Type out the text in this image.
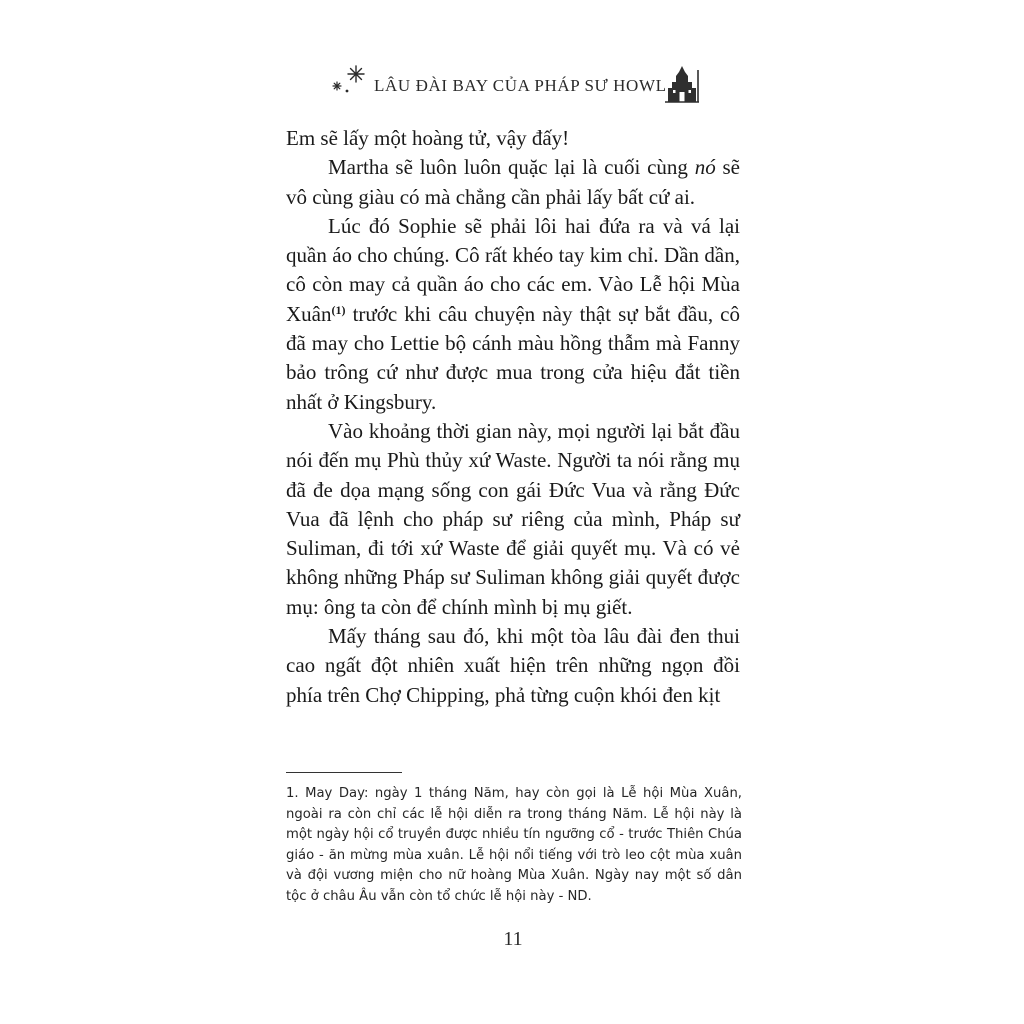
LÂU ĐÀI BAY CỦA PHÁP SƯ HOWL

Em sẽ lấy một hoàng tử, vậy đấy!

Martha sẽ luôn luôn quặc lại là cuối cùng nó sẽ vô cùng giàu có mà chẳng cần phải lấy bất cứ ai.

Lúc đó Sophie sẽ phải lôi hai đứa ra và vá lại quần áo cho chúng. Cô rất khéo tay kim chỉ. Dần dần, cô còn may cả quần áo cho các em. Vào Lễ hội Mùa Xuân$^{(1)}$ trước khi câu chuyện này thật sự bắt đầu, cô đã may cho Lettie bộ cánh màu hồng thẫm mà Fanny bảo trông cứ như được mua trong cửa hiệu đắt tiền nhất ở Kingsbury.

Vào khoảng thời gian này, mọi người lại bắt đầu nói đến mụ Phù thủy xứ Waste. Người ta nói rằng mụ đã đe dọa mạng sống con gái Đức Vua và rằng Đức Vua đã lệnh cho pháp sư riêng của mình, Pháp sư Suliman, đi tới xứ Waste để giải quyết mụ. Và có vẻ không những Pháp sư Suliman không giải quyết được mụ: ông ta còn để chính mình bị mụ giết.

Mấy tháng sau đó, khi một tòa lâu đài đen thui cao ngất đột nhiên xuất hiện trên những ngọn đồi phía trên Chợ Chipping, phả từng cuộn khói đen kịt

1. May Day: ngày 1 tháng Năm, hay còn gọi là Lễ hội Mùa Xuân, ngoài ra còn chỉ các lễ hội diễn ra trong tháng Năm. Lễ hội này là một ngày hội cổ truyền được nhiều tín ngưỡng cổ - trước Thiên Chúa giáo - ăn mừng mùa xuân. Lễ hội nổi tiếng với trò leo cột mùa xuân và đội vương miện cho nữ hoàng Mùa Xuân. Ngày nay một số dân tộc ở châu Âu vẫn còn tổ chức lễ hội này - ND.
11
